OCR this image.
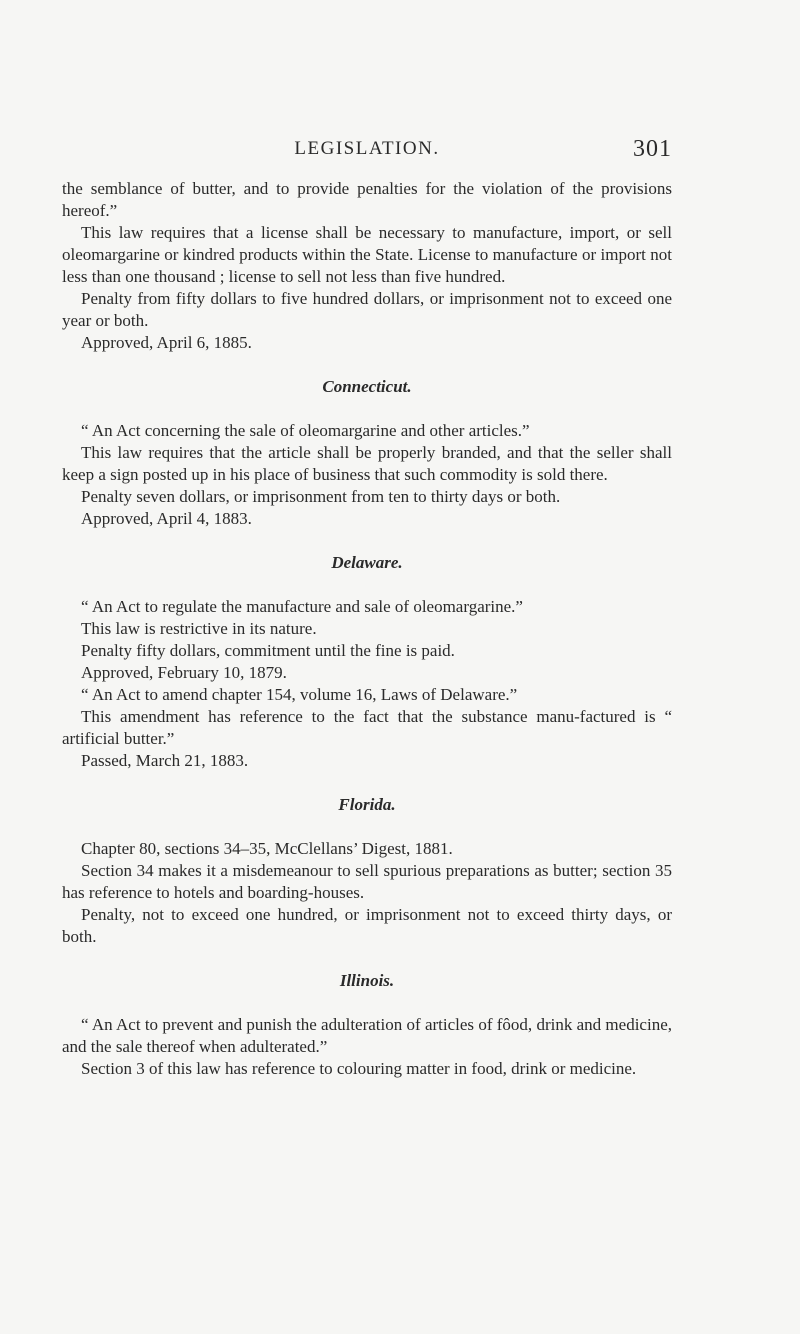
LEGISLATION.	301

the semblance of butter, and to provide penalties for the violation of the provisions hereof.”

This law requires that a license shall be necessary to manufacture, import, or sell oleomargarine or kindred products within the State. License to manufacture or import not less than one thousand ; license to sell not less than five hundred.

Penalty from fifty dollars to five hundred dollars, or imprisonment not to exceed one year or both.

Approved, April 6, 1885.

Connecticut.

“ An Act concerning the sale of oleomargarine and other articles.”

This law requires that the article shall be properly branded, and that the seller shall keep a sign posted up in his place of business that such commodity is sold there.

Penalty seven dollars, or imprisonment from ten to thirty days or both.

Approved, April 4, 1883.

Delaware.

“ An Act to regulate the manufacture and sale of oleomargarine.”

This law is restrictive in its nature.

Penalty fifty dollars, commitment until the fine is paid.

Approved, February 10, 1879.

“ An Act to amend chapter 154, volume 16, Laws of Delaware.”

This amendment has reference to the fact that the substance manu-factured is “ artificial butter.”

Passed, March 21, 1883.

Florida.

Chapter 80, sections 34–35, McClellans’ Digest, 1881.

Section 34 makes it a misdemeanour to sell spurious preparations as butter; section 35 has reference to hotels and boarding-houses.

Penalty, not to exceed one hundred, or imprisonment not to exceed thirty days, or both.

Illinois.

“ An Act to prevent and punish the adulteration of articles of fôod, drink and medicine, and the sale thereof when adulterated.”

Section 3 of this law has reference to colouring matter in food, drink or medicine.
